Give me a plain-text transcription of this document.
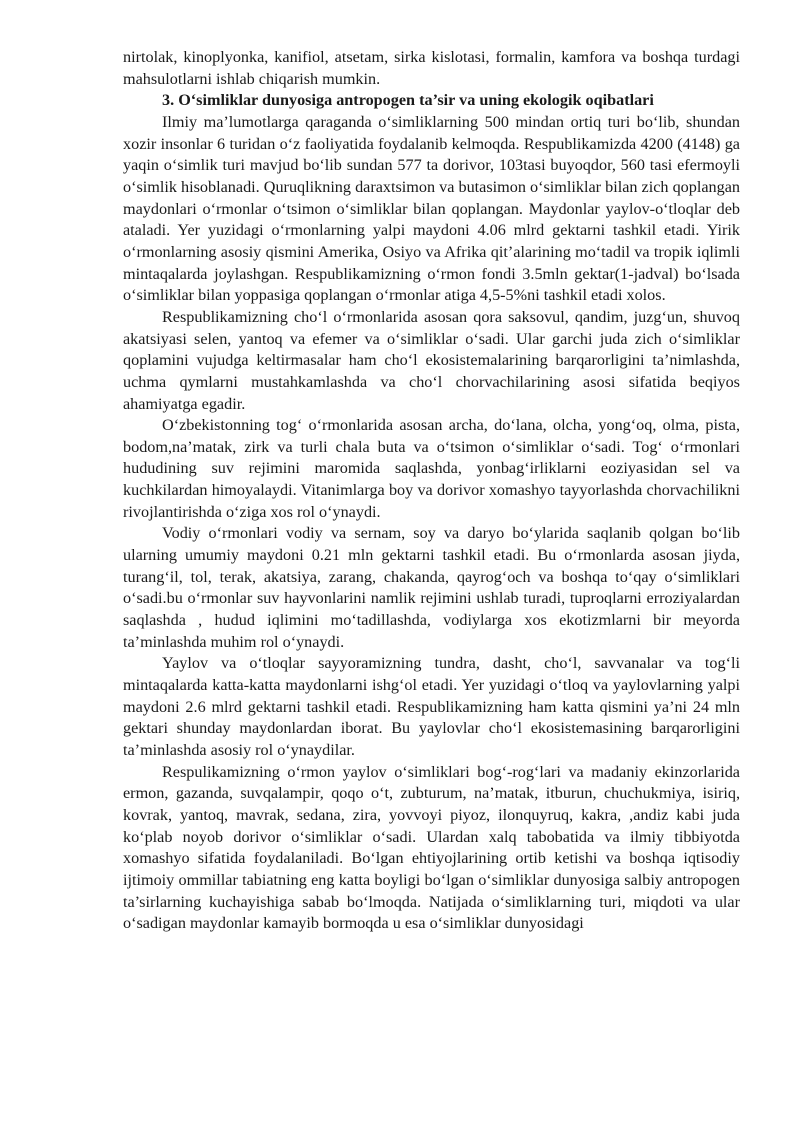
nirtolak, kinoplyonka, kanifiol, atsetam, sirka kislotasi, formalin, kamfora va boshqa turdagi mahsulotlarni ishlab chiqarish mumkin.

3. O‘simliklar dunyosiga antropogen ta’sir va uning ekologik oqibatlari

Ilmiy ma’lumotlarga qaraganda o‘simliklarning 500 mindan ortiq turi bo‘lib, shundan xozir insonlar 6 turidan o‘z faoliyatida foydalanib kelmoqda. Respublikamizda 4200 (4148) ga yaqin o‘simlik turi mavjud bo‘lib sundan 577 ta dorivor, 103tasi buyoqdor, 560 tasi efermoyli o‘simlik hisoblanadi. Quruqlikning daraxtsimon va butasimon o‘simliklar bilan zich qoplangan maydonlari o‘rmonlar o‘tsimon o‘simliklar bilan qoplangan. Maydonlar yaylov-o‘tloqlar deb ataladi. Yer yuzidagi o‘rmonlarning yalpi maydoni 4.06 mlrd gektarni tashkil etadi. Yirik o‘rmonlarning asosiy qismini Amerika, Osiyo va Afrika qit’alarining mo‘tadil va tropik iqlimli mintaqalarda joylashgan. Respublikamizning o‘rmon fondi 3.5mln gektar(1-jadval) bo‘lsada o‘simliklar bilan yoppasiga qoplangan o‘rmonlar atiga 4,5-5%ni tashkil etadi xolos.

Respublikamizning cho‘l o‘rmonlarida asosan qora saksovul, qandim, juzg‘un, shuvoq akatsiyasi selen, yantoq va efemer va o‘simliklar o‘sadi. Ular garchi juda zich o‘simliklar qoplamini vujudga keltirmasalar ham cho‘l ekosistemalarining barqarorligini ta’nimlashda, uchma qymlarni mustahkamlashda va cho‘l chorvachilarining asosi sifatida beqiyos ahamiyatga egadir.

O‘zbekistonning tog‘ o‘rmonlarida asosan archa, do‘lana, olcha, yong‘oq, olma, pista, bodom,na’matak, zirk va turli chala buta va o‘tsimon o‘simliklar o‘sadi. Tog‘ o‘rmonlari hududining suv rejimini maromida saqlashda, yonbag‘irliklarni eoziyasidan sel va kuchkilardan himoyalaydi. Vitanimlarga boy va dorivor xomashyo tayyorlashda chorvachilikni rivojlantirishda o‘ziga xos rol o‘ynaydi.

Vodiy o‘rmonlari vodiy va sernam, soy va daryo bo‘ylarida saqlanib qolgan bo‘lib ularning umumiy maydoni 0.21 mln gektarni tashkil etadi. Bu o‘rmonlarda asosan jiyda, turang‘il, tol, terak, akatsiya, zarang, chakanda, qayrog‘och va boshqa to‘qay o‘simliklari o‘sadi.bu o‘rmonlar suv hayvonlarini namlik rejimini ushlab turadi, tuproqlarni erroziyalardan saqlashda , hudud iqlimini mo‘tadillashda, vodiylarga xos ekotizmlarni bir meyorda ta’minlashda muhim rol o‘ynaydi.

Yaylov va o‘tloqlar sayyoramizning tundra, dasht, cho‘l, savvanalar va tog‘li mintaqalarda katta-katta maydonlarni ishg‘ol etadi. Yer yuzidagi o‘tloq va yaylovlarning yalpi maydoni 2.6 mlrd gektarni tashkil etadi. Respublikamizning ham katta qismini ya’ni 24 mln gektari shunday maydonlardan iborat. Bu yaylovlar cho‘l ekosistemasining barqarorligini ta’minlashda asosiy rol o‘ynaydilar.

Respulikamizning o‘rmon yaylov o‘simliklari bog‘-rog‘lari va madaniy ekinzorlarida ermon, gazanda, suvqalampir, qoqo o‘t, zubturum, na’matak, itburun, chuchukmiya, isiriq, kovrak, yantoq, mavrak, sedana, zira, yovvoyi piyoz, ilonquyruq, kakra, ,andiz kabi juda ko‘plab noyob dorivor o‘simliklar o‘sadi. Ulardan xalq tabobatida va ilmiy tibbiyotda xomashyo sifatida foydalaniladi. Bo‘lgan ehtiyojlarining ortib ketishi va boshqa iqtisodiy ijtimoiy ommillar tabiatning eng katta boyligi bo‘lgan o‘simliklar dunyosiga salbiy antropogen ta’sirlarning kuchayishiga sabab bo‘lmoqda. Natijada o‘simliklarning turi, miqdoti va ular o‘sadigan maydonlar kamayib bormoqda u esa o‘simliklar dunyosidagi
